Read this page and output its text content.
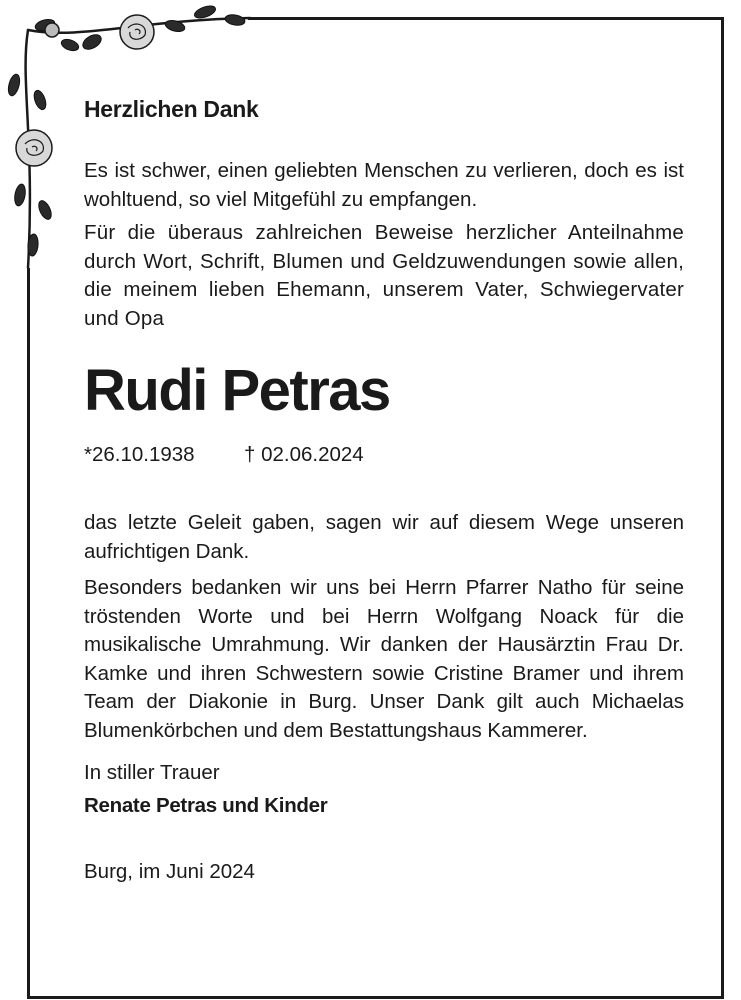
Herzlichen Dank

Es ist schwer, einen geliebten Menschen zu verlieren, doch es ist wohltuend, so viel Mitgefühl zu empfangen.

Für die überaus zahlreichen Beweise herzlicher Anteilnahme durch Wort, Schrift, Blumen und Geldzuwendungen sowie allen, die meinem lieben Ehemann, unserem Vater, Schwiegervater und Opa

Rudi Petras
*26.10.1938 † 02.06.2024

das letzte Geleit gaben, sagen wir auf diesem Wege unseren aufrichtigen Dank.

Besonders bedanken wir uns bei Herrn Pfarrer Natho für seine tröstenden Worte und bei Herrn Wolfgang Noack für die musikalische Umrahmung. Wir danken der Hausärztin Frau Dr. Kamke und ihren Schwestern sowie Cristine Bramer und ihrem Team der Diakonie in Burg. Unser Dank gilt auch Michaelas Blumenkörbchen und dem Bestattungshaus Kammerer.

In stiller Trauer
Renate Petras und Kinder
Burg, im Juni 2024
